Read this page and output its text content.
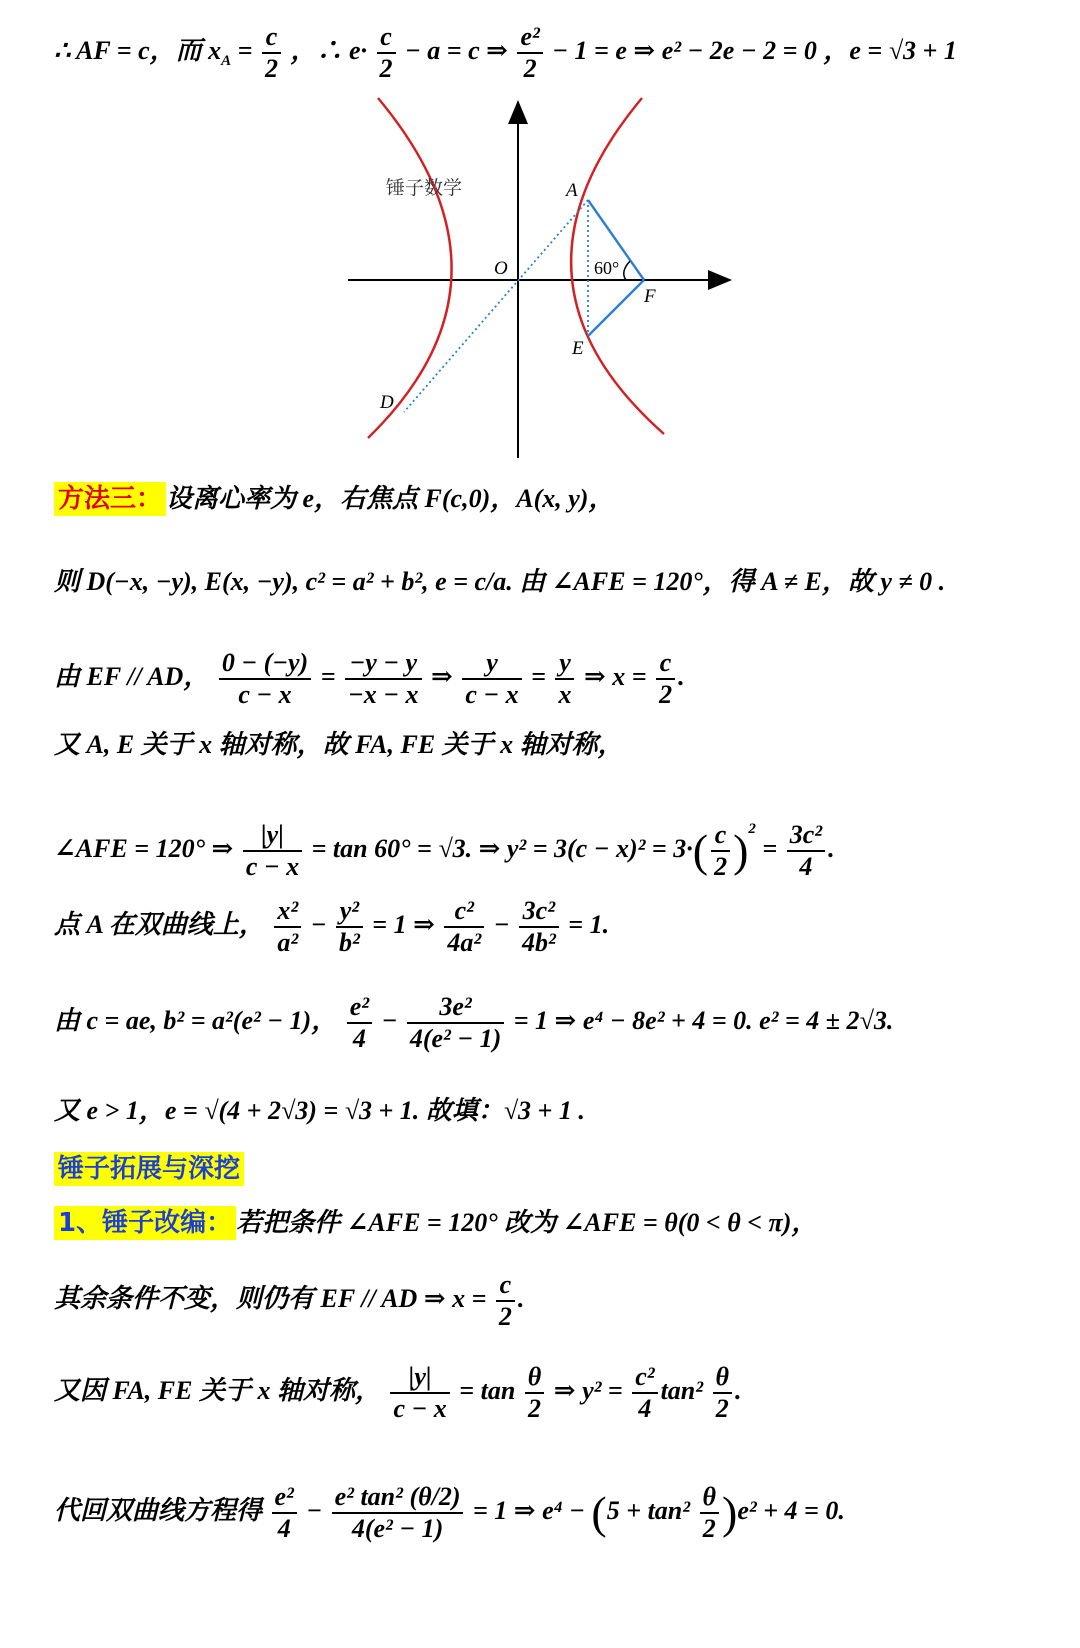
∴ AF = c，而 $x_A = \frac{c}{2}$ ，∴ $e\cdot \frac{c}{2} - a = c$ ⇒ $\frac{\text{e²}}{2} - 1 = e$ ⇒ e² − 2e − 2 = 0 ，e = √3 + 1
锤子数学	A
O
F
E
D
60°
方法三： 设离心率为 e，右焦点 F(c,0)，A(x, y)，
则 D(−x, −y), E(x, −y), c² = a² + b², e = c/a. 由 ∠AFE = 120°，得 A ≠ E，故 y ≠ 0 .
由 EF // AD， $\frac{0 - (-y)}{c - x} = \frac{-y - y}{-x - x}$ ⇒ $\frac{y}{c - x} = \frac{y}{x}$ ⇒ $x = \frac{c}{2}$ .
又 A, E 关于 x 轴对称，故 FA, FE 关于 x 轴对称，
∠AFE = 120° ⇒ $\frac{|y|}{c - x} = \tan 60^\circ = √3$. ⇒ $y^2 = 3(c - x)^2 = 3\cdot( \frac{c}{2} )^2 = \frac{\text{3c²}}{4}$ .
点 A 在双曲线上， $\frac{\text{x²}}{\text{a²}} - \frac{\text{y²}}{\text{b²}} = 1$ ⇒ $\frac{\text{c²}}{\text{4a²}} - \frac{\text{3c²}}{\text{4b²}} = 1$.
由 c = ae, b² = a²(e² − 1)， $\frac{\text{e²}}{4} - \frac{\text{3e²}}{\text{4(e² − 1)}} = 1$ ⇒ e⁴ − 8e² + 4 = 0. e² = 4 ± 2√3.
又 e > 1，e = √(4 + 2√3) = √3 + 1. 故填：√3 + 1 .
锤子拓展与深挖
1、锤子改编： 若把条件 ∠AFE = 120° 改为 ∠AFE = θ(0 < θ < π)，
其余条件不变，则仍有 EF // AD ⇒ $x = \frac{c}{2}$ .
又因 FA, FE 关于 x 轴对称， $\frac{|y|}{c - x} = \tan \frac{\theta}{2}$ ⇒ $y^2 = \frac{\text{c²}}{4} \tan^2 \frac{\theta}{2}$ .
代回双曲线方程得 $\frac{\text{e²}}{4} - \frac{\text{e² tan² (θ/2)}}{\text{4(e² − 1)}} = 1$ ⇒ $e^4 - (5 + \tan^2 \frac{\theta}{2} )e^2 + 4 = 0$.
